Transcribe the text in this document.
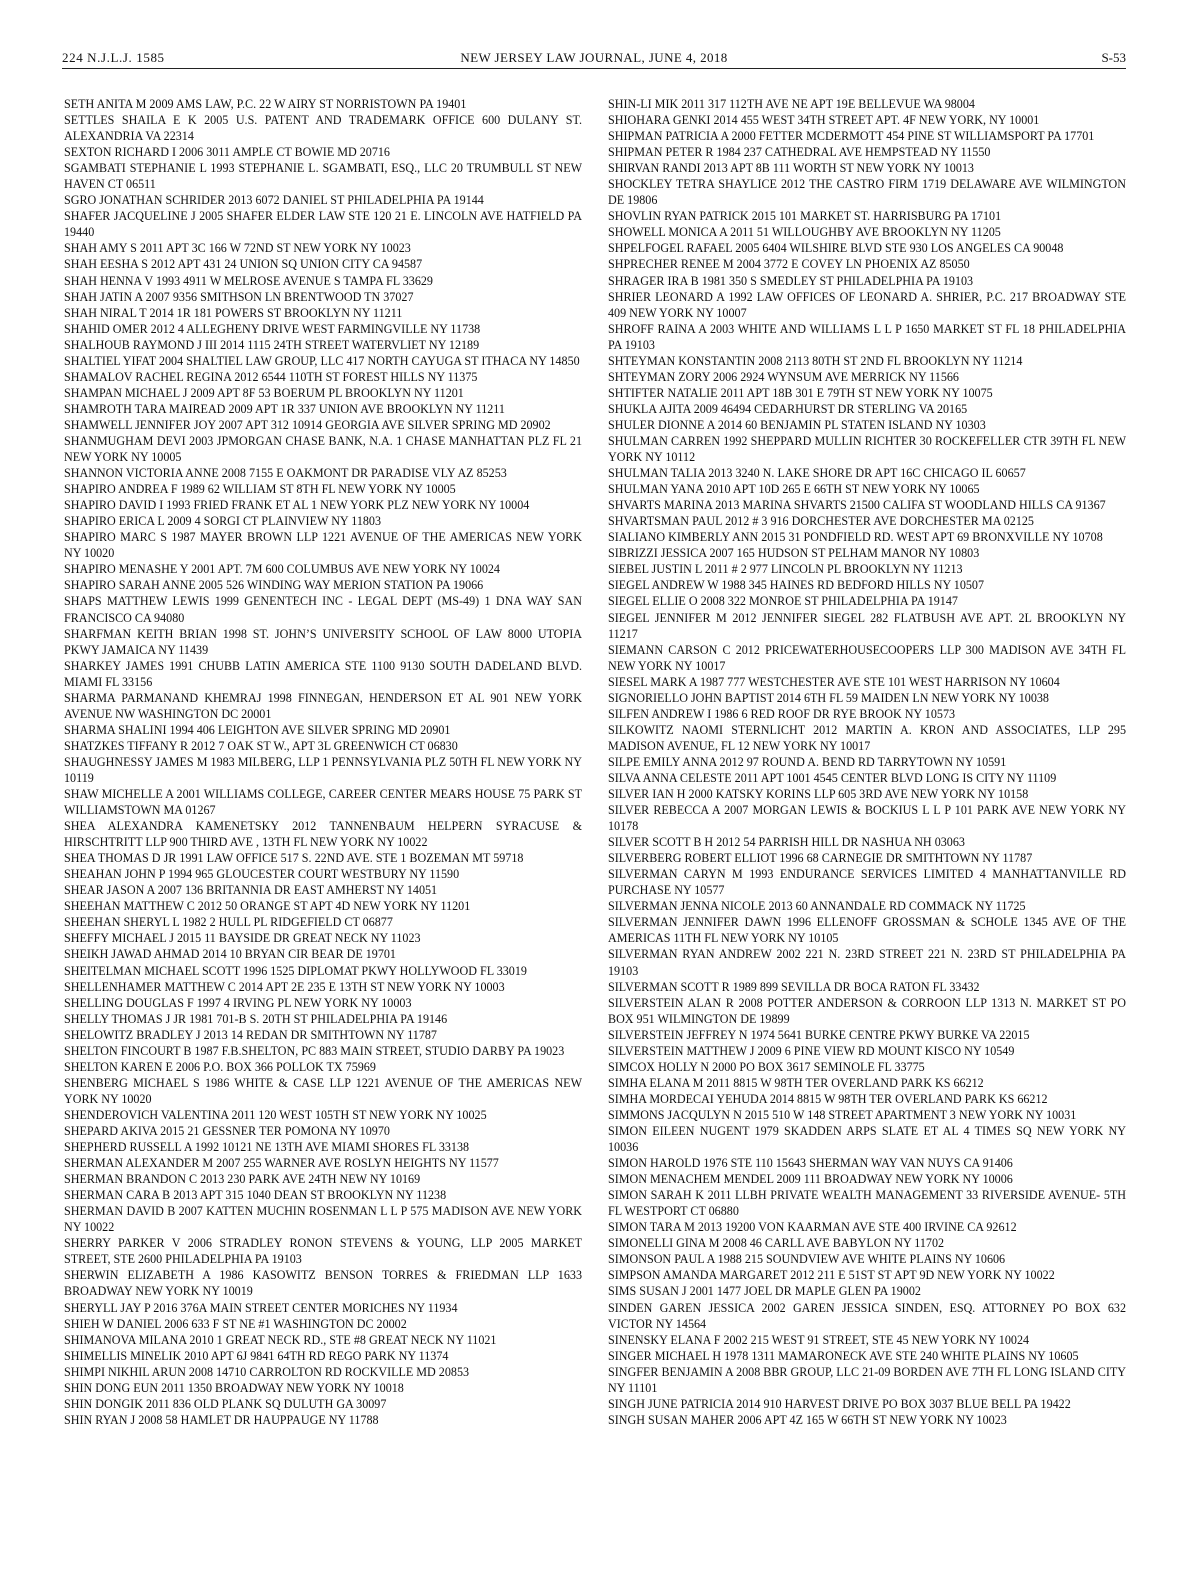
224 N.J.L.J. 1585	NEW JERSEY LAW JOURNAL, JUNE 4, 2018	S-53
SETH ANITA M 2009 AMS LAW, P.C. 22 W AIRY ST NORRISTOWN PA 19401
SETTLES SHAILA E K 2005 U.S. PATENT AND TRADEMARK OFFICE 600 DULANY ST. ALEXANDRIA VA 22314
SEXTON RICHARD I 2006 3011 AMPLE CT BOWIE MD 20716
SGAMBATI STEPHANIE L 1993 STEPHANIE L. SGAMBATI, ESQ., LLC 20 TRUMBULL ST NEW HAVEN CT 06511
SGRO JONATHAN SCHRIDER 2013 6072 DANIEL ST PHILADELPHIA PA 19144
SHAFER JACQUELINE J 2005 SHAFER ELDER LAW STE 120 21 E. LINCOLN AVE HATFIELD PA 19440
SHAH AMY S 2011 APT 3C 166 W 72ND ST NEW YORK NY 10023
SHAH EESHA S 2012 APT 431 24 UNION SQ UNION CITY CA 94587
SHAH HENNA V 1993 4911 W MELROSE AVENUE S TAMPA FL 33629
SHAH JATIN A 2007 9356 SMITHSON LN BRENTWOOD TN 37027
SHAH NIRAL T 2014 1R 181 POWERS ST BROOKLYN NY 11211
SHAHID OMER 2012 4 ALLEGHENY DRIVE WEST FARMINGVILLE NY 11738
SHALHOUB RAYMOND J III 2014 1115 24TH STREET WATERVLIET NY 12189
SHALTIEL YIFAT 2004 SHALTIEL LAW GROUP, LLC 417 NORTH CAYUGA ST ITHACA NY 14850
SHAMALOV RACHEL REGINA 2012 6544 110TH ST FOREST HILLS NY 11375
SHAMPAN MICHAEL J 2009 APT 8F 53 BOERUM PL BROOKLYN NY 11201
SHAMROTH TARA MAIREAD 2009 APT 1R 337 UNION AVE BROOKLYN NY 11211
SHAMWELL JENNIFER JOY 2007 APT 312 10914 GEORGIA AVE SILVER SPRING MD 20902
SHANMUGHAM DEVI 2003 JPMORGAN CHASE BANK, N.A. 1 CHASE MANHATTAN PLZ FL 21 NEW YORK NY 10005
SHANNON VICTORIA ANNE 2008 7155 E OAKMONT DR PARADISE VLY AZ 85253
SHAPIRO ANDREA F 1989 62 WILLIAM ST 8TH FL NEW YORK NY 10005
SHAPIRO DAVID I 1993 FRIED FRANK ET AL 1 NEW YORK PLZ NEW YORK NY 10004
SHAPIRO ERICA L 2009 4 SORGI CT PLAINVIEW NY 11803
SHAPIRO MARC S 1987 MAYER BROWN LLP 1221 AVENUE OF THE AMERICAS NEW YORK NY 10020
SHAPIRO MENASHE Y 2001 APT. 7M 600 COLUMBUS AVE NEW YORK NY 10024
SHAPIRO SARAH ANNE 2005 526 WINDING WAY MERION STATION PA 19066
SHAPS MATTHEW LEWIS 1999 GENENTECH INC - LEGAL DEPT (MS-49) 1 DNA WAY SAN FRANCISCO CA 94080
SHARFMAN KEITH BRIAN 1998 ST. JOHN’S UNIVERSITY SCHOOL OF LAW 8000 UTOPIA PKWY JAMAICA NY 11439
SHARKEY JAMES 1991 CHUBB LATIN AMERICA STE 1100 9130 SOUTH DADELAND BLVD. MIAMI FL 33156
SHARMA PARMANAND KHEMRAJ 1998 FINNEGAN, HENDERSON ET AL 901 NEW YORK AVENUE NW WASHINGTON DC 20001
SHARMA SHALINI 1994 406 LEIGHTON AVE SILVER SPRING MD 20901
SHATZKES TIFFANY R 2012 7 OAK ST W., APT 3L GREENWICH CT 06830
SHAUGHNESSY JAMES M 1983 MILBERG, LLP 1 PENNSYLVANIA PLZ 50TH FL NEW YORK NY 10119
SHAW MICHELLE A 2001 WILLIAMS COLLEGE, CAREER CENTER MEARS HOUSE 75 PARK ST WILLIAMSTOWN MA 01267
SHEA ALEXANDRA KAMENETSKY 2012 TANNENBAUM HELPERN SYRACUSE & HIRSCHTRITT LLP 900 THIRD AVE , 13TH FL NEW YORK NY 10022
SHEA THOMAS D JR 1991 LAW OFFICE 517 S. 22ND AVE. STE 1 BOZEMAN MT 59718
SHEAHAN JOHN P 1994 965 GLOUCESTER COURT WESTBURY NY 11590
SHEAR JASON A 2007 136 BRITANNIA DR EAST AMHERST NY 14051
SHEEHAN MATTHEW C 2012 50 ORANGE ST APT 4D NEW YORK NY 11201
SHEEHAN SHERYL L 1982 2 HULL PL RIDGEFIELD CT 06877
SHEFFY MICHAEL J 2015 11 BAYSIDE DR GREAT NECK NY 11023
SHEIKH JAWAD AHMAD 2014 10 BRYAN CIR BEAR DE 19701
SHEITELMAN MICHAEL SCOTT 1996 1525 DIPLOMAT PKWY HOLLYWOOD FL 33019
SHELLENHAMER MATTHEW C 2014 APT 2E 235 E 13TH ST NEW YORK NY 10003
SHELLING DOUGLAS F 1997 4 IRVING PL NEW YORK NY 10003
SHELLY THOMAS J JR 1981 701-B S. 20TH ST PHILADELPHIA PA 19146
SHELOWITZ BRADLEY J 2013 14 REDAN DR SMITHTOWN NY 11787
SHELTON FINCOURT B 1987 F.B.SHELTON, PC 883 MAIN STREET, STUDIO DARBY PA 19023
SHELTON KAREN E 2006 P.O. BOX 366 POLLOK TX 75969
SHENBERG MICHAEL S 1986 WHITE & CASE LLP 1221 AVENUE OF THE AMERICAS NEW YORK NY 10020
SHENDEROVICH VALENTINA 2011 120 WEST 105TH ST NEW YORK NY 10025
SHEPARD AKIVA 2015 21 GESSNER TER POMONA NY 10970
SHEPHERD RUSSELL A 1992 10121 NE 13TH AVE MIAMI SHORES FL 33138
SHERMAN ALEXANDER M 2007 255 WARNER AVE ROSLYN HEIGHTS NY 11577
SHERMAN BRANDON C 2013 230 PARK AVE 24TH NEW NY 10169
SHERMAN CARA B 2013 APT 315 1040 DEAN ST BROOKLYN NY 11238
SHERMAN DAVID B 2007 KATTEN MUCHIN ROSENMAN L L P 575 MADISON AVE NEW YORK NY 10022
SHERRY PARKER V 2006 STRADLEY RONON STEVENS & YOUNG, LLP 2005 MARKET STREET, STE 2600 PHILADELPHIA PA 19103
SHERWIN ELIZABETH A 1986 KASOWITZ BENSON TORRES & FRIEDMAN LLP 1633 BROADWAY NEW YORK NY 10019
SHERYLL JAY P 2016 376A MAIN STREET CENTER MORICHES NY 11934
SHIEH W DANIEL 2006 633 F ST NE #1 WASHINGTON DC 20002
SHIMANOVA MILANA 2010 1 GREAT NECK RD., STE #8 GREAT NECK NY 11021
SHIMELLIS MINELIK 2010 APT 6J 9841 64TH RD REGO PARK NY 11374
SHIMPI NIKHIL ARUN 2008 14710 CARROLTON RD ROCKVILLE MD 20853
SHIN DONG EUN 2011 1350 BROADWAY NEW YORK NY 10018
SHIN DONGIK 2011 836 OLD PLANK SQ DULUTH GA 30097
SHIN RYAN J 2008 58 HAMLET DR HAUPPAUGE NY 11788
SHIN-LI MIK 2011 317 112TH AVE NE APT 19E BELLEVUE WA 98004
SHIOHARA GENKI 2014 455 WEST 34TH STREET APT. 4F NEW YORK, NY 10001
SHIPMAN PATRICIA A 2000 FETTER MCDERMOTT 454 PINE ST WILLIAMSPORT PA 17701
SHIPMAN PETER R 1984 237 CATHEDRAL AVE HEMPSTEAD NY 11550
SHIRVAN RANDI 2013 APT 8B 111 WORTH ST NEW YORK NY 10013
SHOCKLEY TETRA SHAYLICE 2012 THE CASTRO FIRM 1719 DELAWARE AVE WILMINGTON DE 19806
SHOVLIN RYAN PATRICK 2015 101 MARKET ST. HARRISBURG PA 17101
SHOWELL MONICA A 2011 51 WILLOUGHBY AVE BROOKLYN NY 11205
SHPELFOGEL RAFAEL 2005 6404 WILSHIRE BLVD STE 930 LOS ANGELES CA 90048
SHPRECHER RENEE M 2004 3772 E COVEY LN PHOENIX AZ 85050
SHRAGER IRA B 1981 350 S SMEDLEY ST PHILADELPHIA PA 19103
SHRIER LEONARD A 1992 LAW OFFICES OF LEONARD A. SHRIER, P.C. 217 BROADWAY STE 409 NEW YORK NY 10007
SHROFF RAINA A 2003 WHITE AND WILLIAMS L L P 1650 MARKET ST FL 18 PHILADELPHIA PA 19103
SHTEYMAN KONSTANTIN 2008 2113 80TH ST 2ND FL BROOKLYN NY 11214
SHTEYMAN ZORY 2006 2924 WYNSUM AVE MERRICK NY 11566
SHTIFTER NATALIE 2011 APT 18B 301 E 79TH ST NEW YORK NY 10075
SHUKLA AJITA 2009 46494 CEDARHURST DR STERLING VA 20165
SHULER DIONNE A 2014 60 BENJAMIN PL STATEN ISLAND NY 10303
SHULMAN CARREN 1992 SHEPPARD MULLIN RICHTER 30 ROCKEFELLER CTR 39TH FL NEW YORK NY 10112
SHULMAN TALIA 2013 3240 N. LAKE SHORE DR APT 16C CHICAGO IL 60657
SHULMAN YANA 2010 APT 10D 265 E 66TH ST NEW YORK NY 10065
SHVARTS MARINA 2013 MARINA SHVARTS 21500 CALIFA ST WOODLAND HILLS CA 91367
SHVARTSMAN PAUL 2012 # 3 916 DORCHESTER AVE DORCHESTER MA 02125
SIALIANO KIMBERLY ANN 2015 31 PONDFIELD RD. WEST APT 69 BRONXVILLE NY 10708
SIBRIZZI JESSICA 2007 165 HUDSON ST PELHAM MANOR NY 10803
SIEBEL JUSTIN L 2011 # 2 977 LINCOLN PL BROOKLYN NY 11213
SIEGEL ANDREW W 1988 345 HAINES RD BEDFORD HILLS NY 10507
SIEGEL ELLIE O 2008 322 MONROE ST PHILADELPHIA PA 19147
SIEGEL JENNIFER M 2012 JENNIFER SIEGEL 282 FLATBUSH AVE APT. 2L BROOKLYN NY 11217
SIEMANN CARSON C 2012 PRICEWATERHOUSECOOPERS LLP 300 MADISON AVE 34TH FL NEW YORK NY 10017
SIESEL MARK A 1987 777 WESTCHESTER AVE STE 101 WEST HARRISON NY 10604
SIGNORIELLO JOHN BAPTIST 2014 6TH FL 59 MAIDEN LN NEW YORK NY 10038
SILFEN ANDREW I 1986 6 RED ROOF DR RYE BROOK NY 10573
SILKOWITZ NAOMI STERNLICHT 2012 MARTIN A. KRON AND ASSOCIATES, LLP 295 MADISON AVENUE, FL 12 NEW YORK NY 10017
SILPE EMILY ANNA 2012 97 ROUND A. BEND RD TARRYTOWN NY 10591
SILVA ANNA CELESTE 2011 APT 1001 4545 CENTER BLVD LONG IS CITY NY 11109
SILVER IAN H 2000 KATSKY KORINS LLP 605 3RD AVE NEW YORK NY 10158
SILVER REBECCA A 2007 MORGAN LEWIS & BOCKIUS L L P 101 PARK AVE NEW YORK NY 10178
SILVER SCOTT B H 2012 54 PARRISH HILL DR NASHUA NH 03063
SILVERBERG ROBERT ELLIOT 1996 68 CARNEGIE DR SMITHTOWN NY 11787
SILVERMAN CARYN M 1993 ENDURANCE SERVICES LIMITED 4 MANHATTANVILLE RD PURCHASE NY 10577
SILVERMAN JENNA NICOLE 2013 60 ANNANDALE RD COMMACK NY 11725
SILVERMAN JENNIFER DAWN 1996 ELLENOFF GROSSMAN & SCHOLE 1345 AVE OF THE AMERICAS 11TH FL NEW YORK NY 10105
SILVERMAN RYAN ANDREW 2002 221 N. 23RD STREET 221 N. 23RD ST PHILADELPHIA PA 19103
SILVERMAN SCOTT R 1989 899 SEVILLA DR BOCA RATON FL 33432
SILVERSTEIN ALAN R 2008 POTTER ANDERSON & CORROON LLP 1313 N. MARKET ST PO BOX 951 WILMINGTON DE 19899
SILVERSTEIN JEFFREY N 1974 5641 BURKE CENTRE PKWY BURKE VA 22015
SILVERSTEIN MATTHEW J 2009 6 PINE VIEW RD MOUNT KISCO NY 10549
SIMCOX HOLLY N 2000 PO BOX 3617 SEMINOLE FL 33775
SIMHA ELANA M 2011 8815 W 98TH TER OVERLAND PARK KS 66212
SIMHA MORDECAI YEHUDA 2014 8815 W 98TH TER OVERLAND PARK KS 66212
SIMMONS JACQULYN N 2015 510 W 148 STREET APARTMENT 3 NEW YORK NY 10031
SIMON EILEEN NUGENT 1979 SKADDEN ARPS SLATE ET AL 4 TIMES SQ NEW YORK NY 10036
SIMON HAROLD 1976 STE 110 15643 SHERMAN WAY VAN NUYS CA 91406
SIMON MENACHEM MENDEL 2009 111 BROADWAY NEW YORK NY 10006
SIMON SARAH K 2011 LLBH PRIVATE WEALTH MANAGEMENT 33 RIVERSIDE AVENUE- 5TH FL WESTPORT CT 06880
SIMON TARA M 2013 19200 VON KAARMAN AVE STE 400 IRVINE CA 92612
SIMONELLI GINA M 2008 46 CARLL AVE BABYLON NY 11702
SIMONSON PAUL A 1988 215 SOUNDVIEW AVE WHITE PLAINS NY 10606
SIMPSON AMANDA MARGARET 2012 211 E 51ST ST APT 9D NEW YORK NY 10022
SIMS SUSAN J 2001 1477 JOEL DR MAPLE GLEN PA 19002
SINDEN GAREN JESSICA 2002 GAREN JESSICA SINDEN, ESQ. ATTORNEY PO BOX 632 VICTOR NY 14564
SINENSKY ELANA F 2002 215 WEST 91 STREET, STE 45 NEW YORK NY 10024
SINGER MICHAEL H 1978 1311 MAMARONECK AVE STE 240 WHITE PLAINS NY 10605
SINGFER BENJAMIN A 2008 BBR GROUP, LLC 21-09 BORDEN AVE 7TH FL LONG ISLAND CITY NY 11101
SINGH JUNE PATRICIA 2014 910 HARVEST DRIVE PO BOX 3037 BLUE BELL PA 19422
SINGH SUSAN MAHER 2006 APT 4Z 165 W 66TH ST NEW YORK NY 10023
